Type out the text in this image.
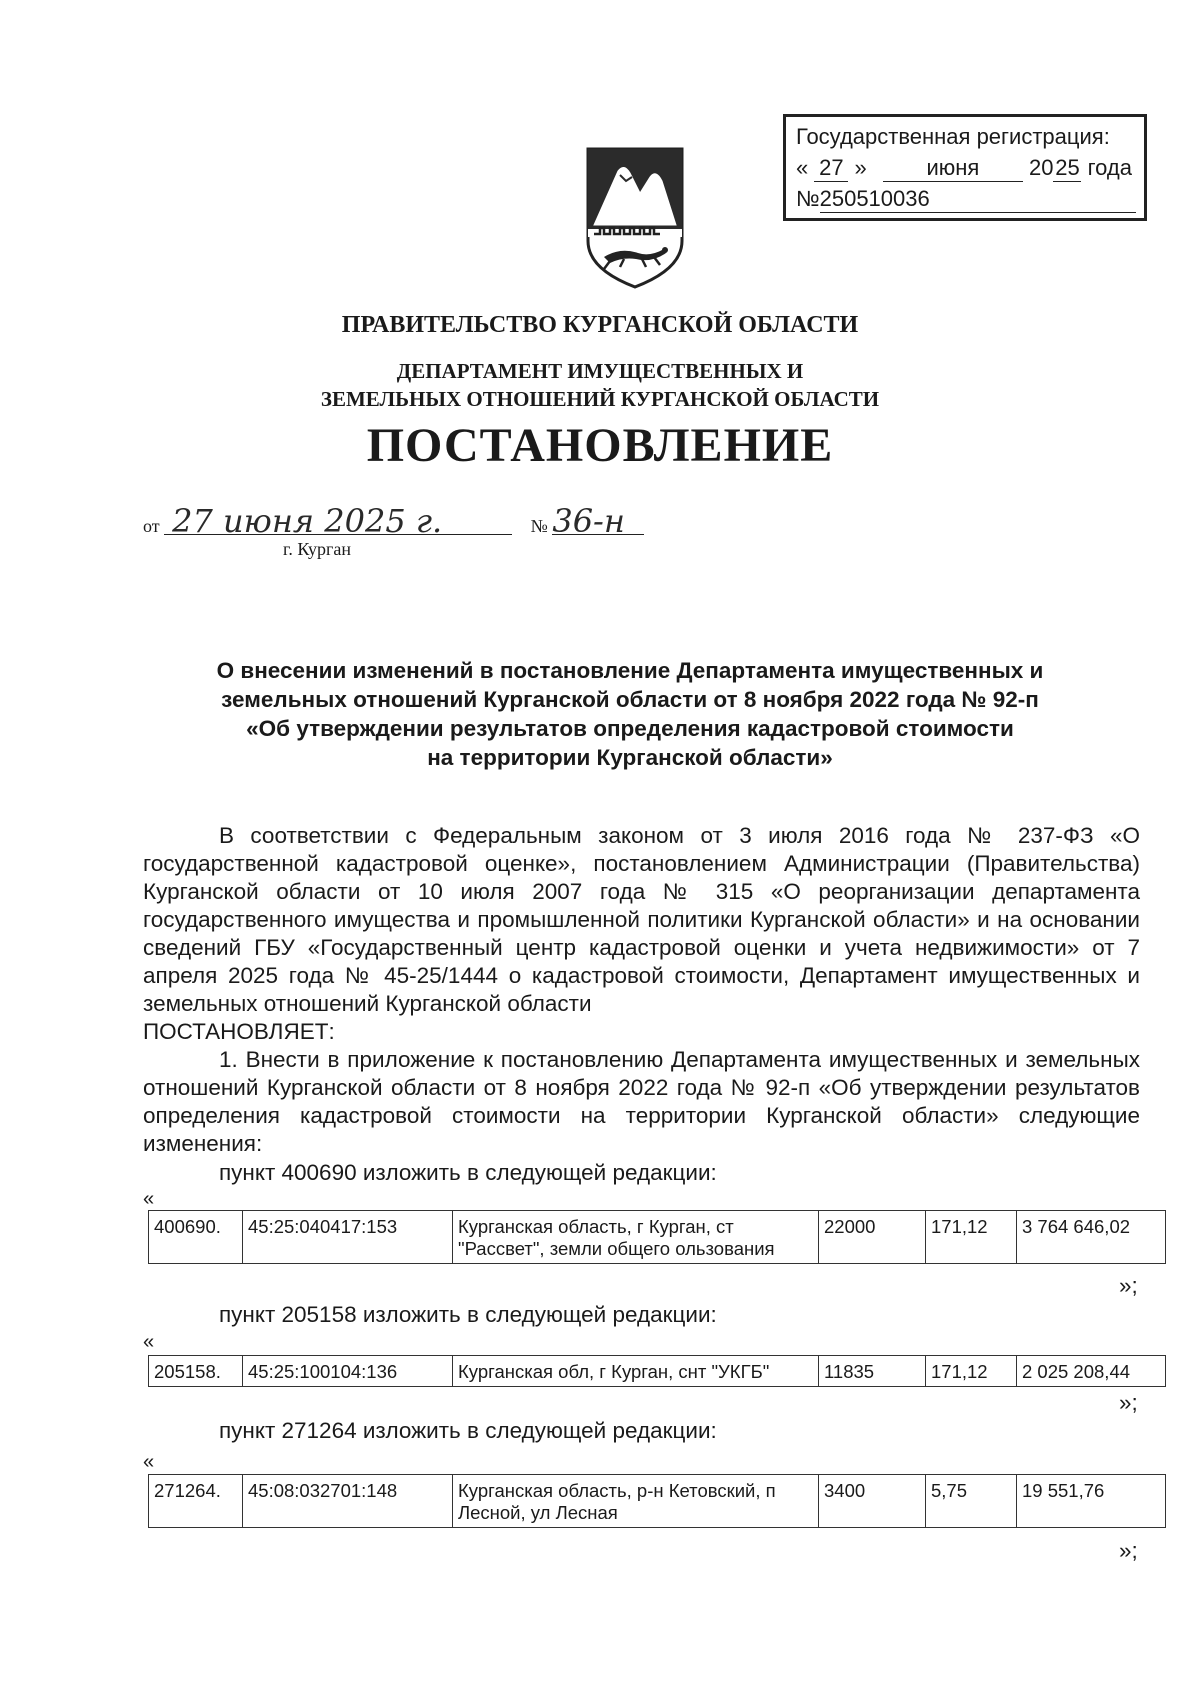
Государственная регистрация:
« 27 »	июня 2025 года
№250510036
ПРАВИТЕЛЬСТВО КУРГАНСКОЙ ОБЛАСТИ
ДЕПАРТАМЕНТ ИМУЩЕСТВЕННЫХ И
ЗЕМЕЛЬНЫХ ОТНОШЕНИЙ КУРГАНСКОЙ ОБЛАСТИ
ПОСТАНОВЛЕНИЕ
от 27 июня 2025 г.	№ 36-н
г. Курган
О внесении изменений в постановление Департамента имущественных и
земельных отношений Курганской области от 8 ноября 2022 года № 92-п
«Об утверждении результатов определения кадастровой стоимости
на территории Курганской области»
В соответствии с Федеральным законом от 3 июля 2016 года № 237-ФЗ «О государственной кадастровой оценке», постановлением Администрации (Правительства) Курганской области от 10 июля 2007 года № 315 «О реорганизации департамента государственного имущества и промышленной политики Курганской области» и на основании сведений ГБУ «Государственный центр кадастровой оценки и учета недвижимости» от 7 апреля 2025 года № 45-25/1444 о кадастровой стоимости, Департамент имущественных и земельных отношений Курганской области
ПОСТАНОВЛЯЕТ:
1. Внести в приложение к постановлению Департамента имущественных и земельных отношений Курганской области от 8 ноября 2022 года № 92-п «Об утверждении результатов определения кадастровой стоимости на территории Курганской области» следующие изменения:
пункт 400690 изложить в следующей редакции:
«
400690.	45:25:040417:153	Курганская область, г Курган, ст "Рассвет", земли общего ользования	22000	171,12	3 764 646,02
»;
пункт 205158 изложить в следующей редакции:
«
205158.	45:25:100104:136	Курганская обл, г Курган, снт "УКГБ"	11835	171,12	2 025 208,44
»;
пункт 271264 изложить в следующей редакции:
«
271264.	45:08:032701:148	Курганская область, р-н Кетовский, п Лесной, ул Лесная	3400	5,75	19 551,76
»;
